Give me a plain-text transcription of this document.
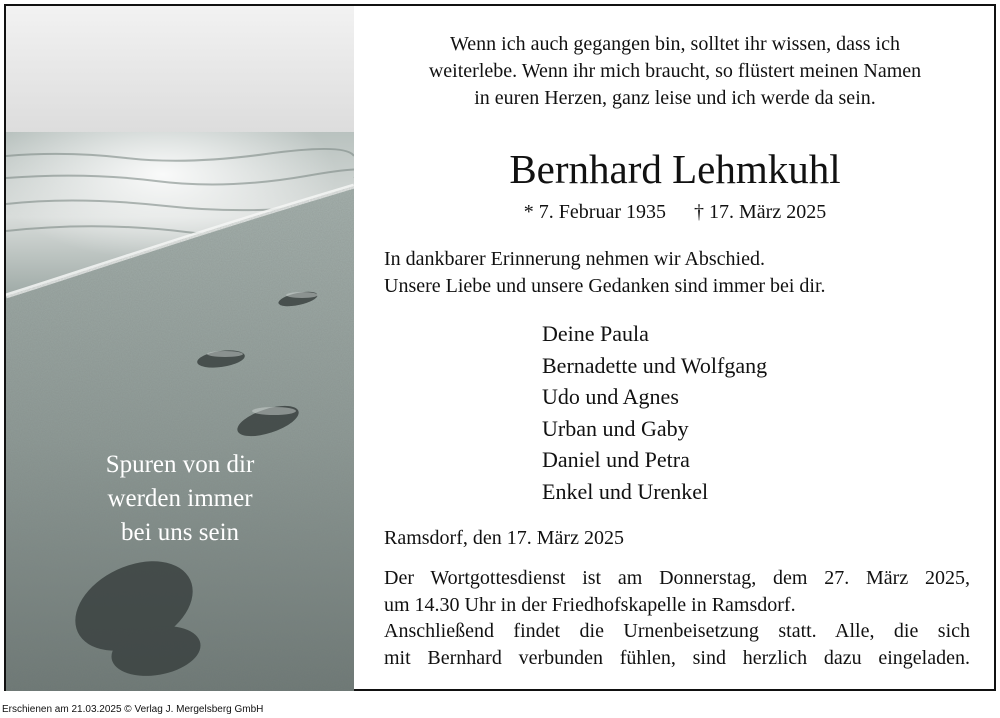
Spuren von dir
werden immer
bei uns sein
Wenn ich auch gegangen bin, solltet ihr wissen, dass ich
weiterlebe. Wenn ihr mich braucht, so flüstert meinen Namen
in euren Herzen, ganz leise und ich werde da sein.
Bernhard Lehmkuhl
* 7. Februar 1935 † 17. März 2025
In dankbarer Erinnerung nehmen wir Abschied.
Unsere Liebe und unsere Gedanken sind immer bei dir.
Deine Paula
Bernadette und Wolfgang
Udo und Agnes
Urban und Gaby
Daniel und Petra
Enkel und Urenkel
Ramsdorf, den 17. März 2025
Der Wortgottesdienst ist am Donnerstag, dem 27. März 2025,
um 14.30 Uhr in der Friedhofskapelle in Ramsdorf.
Anschließend findet die Urnenbeisetzung statt. Alle, die sich
mit Bernhard verbunden fühlen, sind herzlich dazu eingeladen.
Erschienen am 21.03.2025 © Verlag J. Mergelsberg GmbH
